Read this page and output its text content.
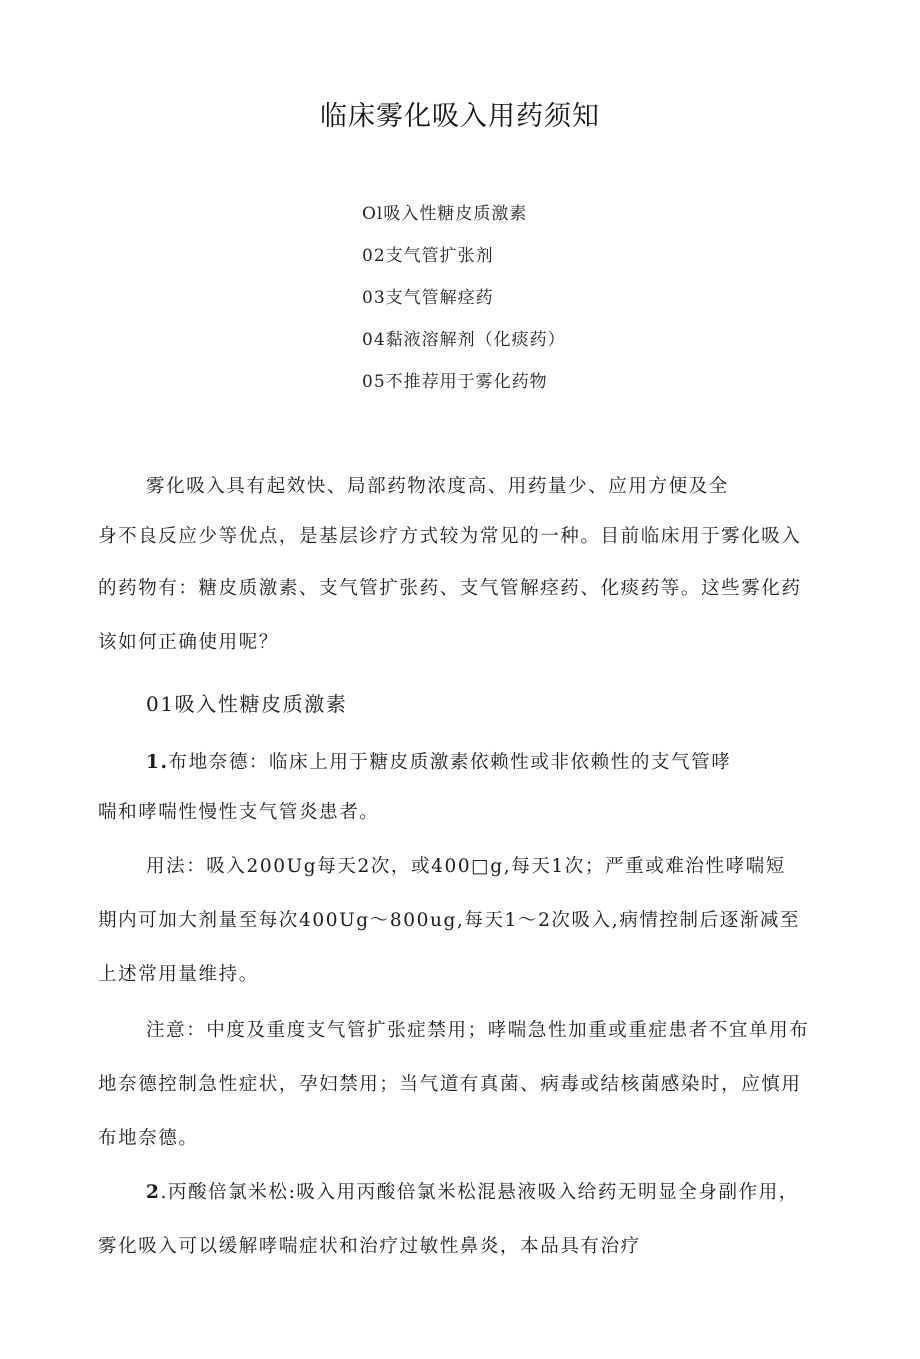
临床雾化吸入用药须知
Ol吸入性糖皮质激素
02支气管扩张剂
03支气管解痉药
04黏液溶解剂（化痰药）
05不推荐用于雾化药物

雾化吸入具有起效快、局部药物浓度高、用药量少、应用方便及全

身不良反应少等优点，是基层诊疗方式较为常见的一种。目前临床用于雾化吸入

的药物有：糖皮质激素、支气管扩张药、支气管解痉药、化痰药等。这些雾化药

该如何正确使用呢？

01吸入性糖皮质激素

1.布地奈德：临床上用于糖皮质激素依赖性或非依赖性的支气管哮

喘和哮喘性慢性支气管炎患者。

用法：吸入200Ug每天2次，或400□g,每天1次；严重或难治性哮喘短

期内可加大剂量至每次400Ug～800ug,每天1～2次吸入,病情控制后逐渐减至

上述常用量维持。

注意：中度及重度支气管扩张症禁用；哮喘急性加重或重症患者不宜单用布

地奈德控制急性症状，孕妇禁用；当气道有真菌、病毒或结核菌感染时，应慎用

布地奈德。

2.丙酸倍氯米松:吸入用丙酸倍氯米松混悬液吸入给药无明显全身副作用，

雾化吸入可以缓解哮喘症状和治疗过敏性鼻炎，本品具有治疗
